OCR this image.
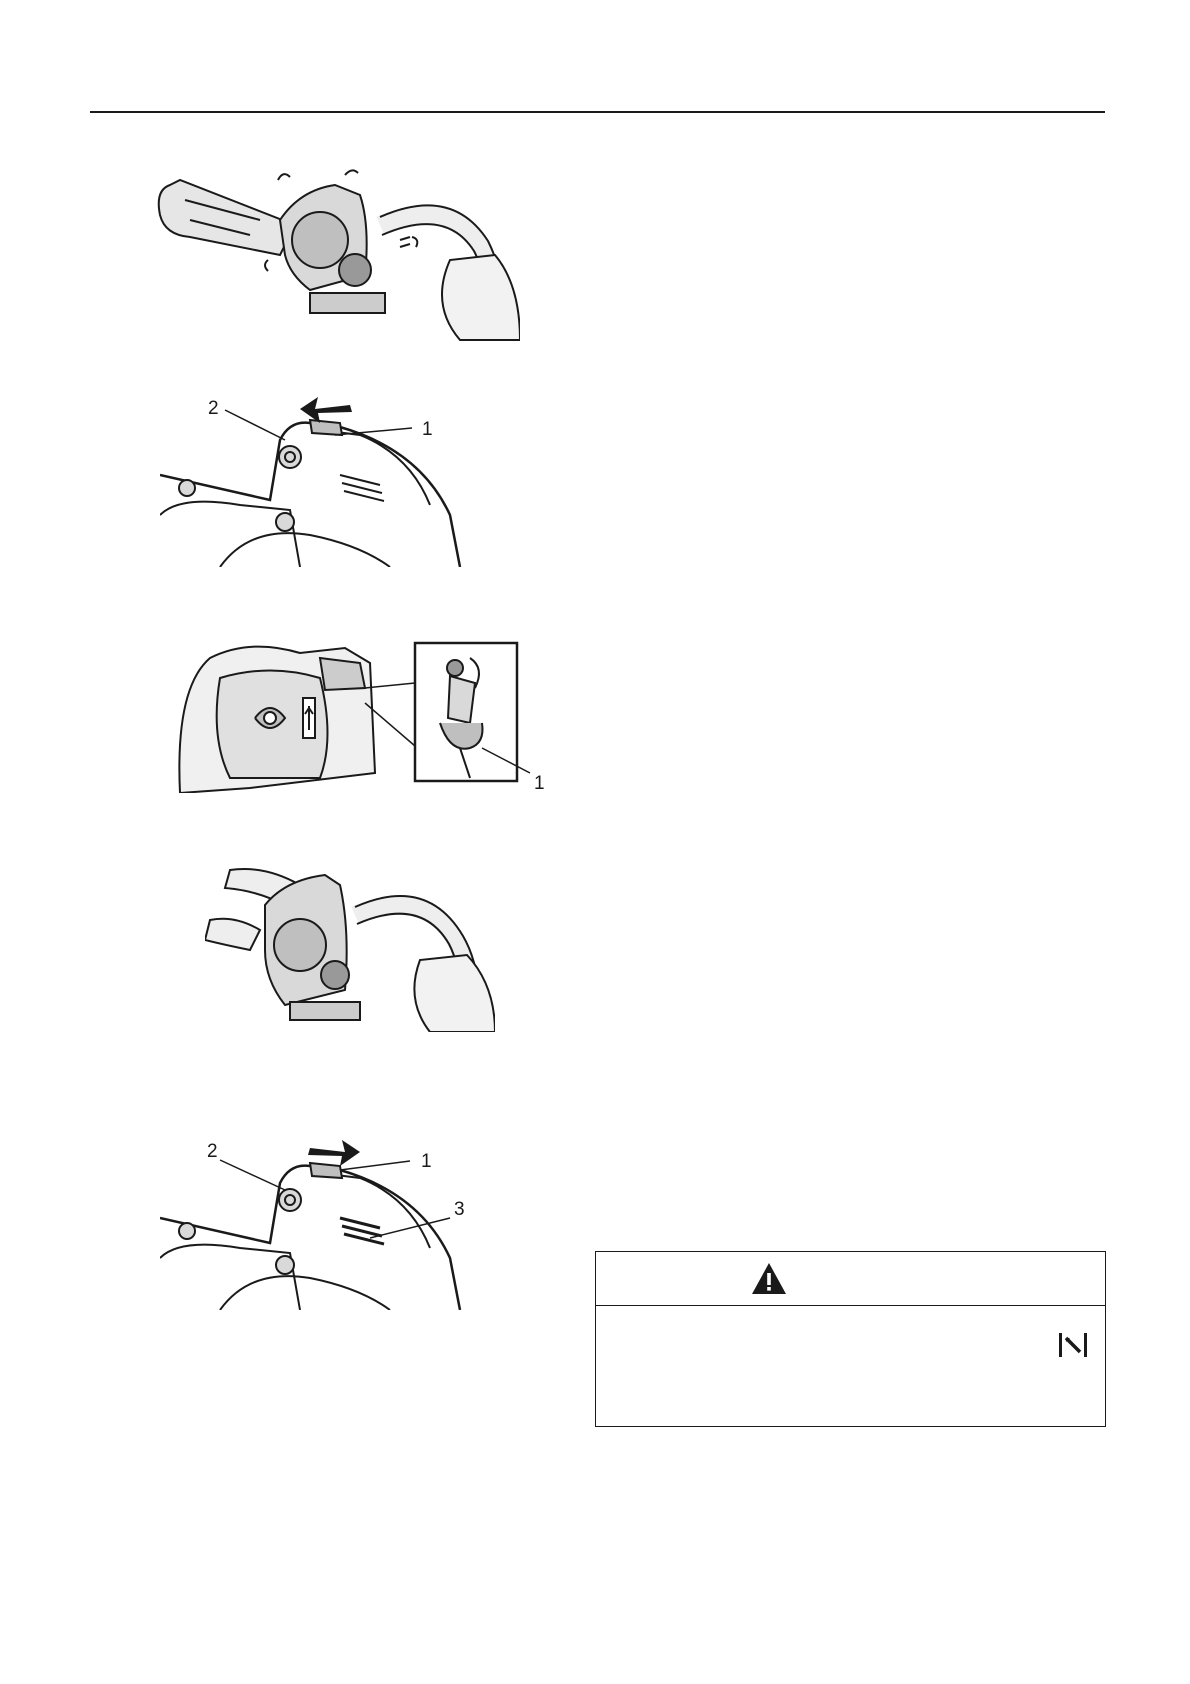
2
1
1
2	1
3
